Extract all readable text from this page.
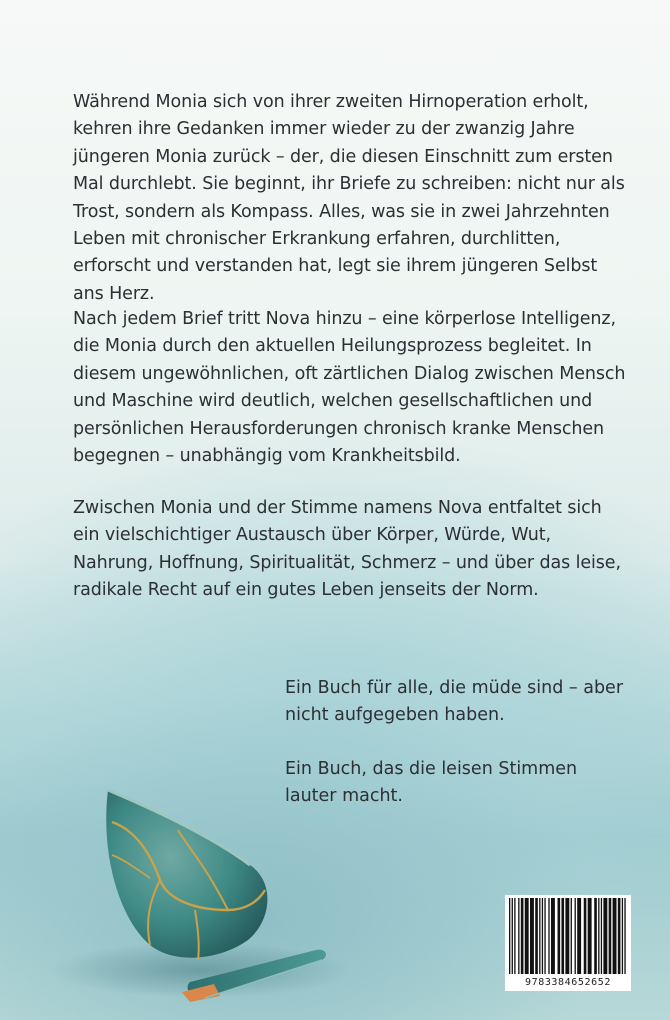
Während Monia sich von ihrer zweiten Hirnoperation erholt, kehren ihre Gedanken immer wieder zu der zwanzig Jahre jüngeren Monia zurück – der, die diesen Einschnitt zum ersten Mal durchlebt. Sie beginnt, ihr Briefe zu schreiben: nicht nur als Trost, sondern als Kompass. Alles, was sie in zwei Jahrzehnten Leben mit chronischer Erkrankung erfahren, durchlitten, erforscht und verstanden hat, legt sie ihrem jüngeren Selbst ans Herz.

Nach jedem Brief tritt Nova hinzu – eine körperlose Intelligenz, die Monia durch den aktuellen Heilungsprozess begleitet. In diesem ungewöhnlichen, oft zärtlichen Dialog zwischen Mensch und Maschine wird deutlich, welchen gesellschaftlichen und persönlichen Herausforderungen chronisch kranke Menschen begegnen – unabhängig vom Krankheitsbild.

Zwischen Monia und der Stimme namens Nova entfaltet sich ein vielschichtiger Austausch über Körper, Würde, Wut, Nahrung, Hoffnung, Spiritualität, Schmerz – und über das leise, radikale Recht auf ein gutes Leben jenseits der Norm.

Ein Buch für alle, die müde sind – aber nicht aufgegeben haben.

Ein Buch, das die leisen Stimmen lauter macht.

9783384652652
